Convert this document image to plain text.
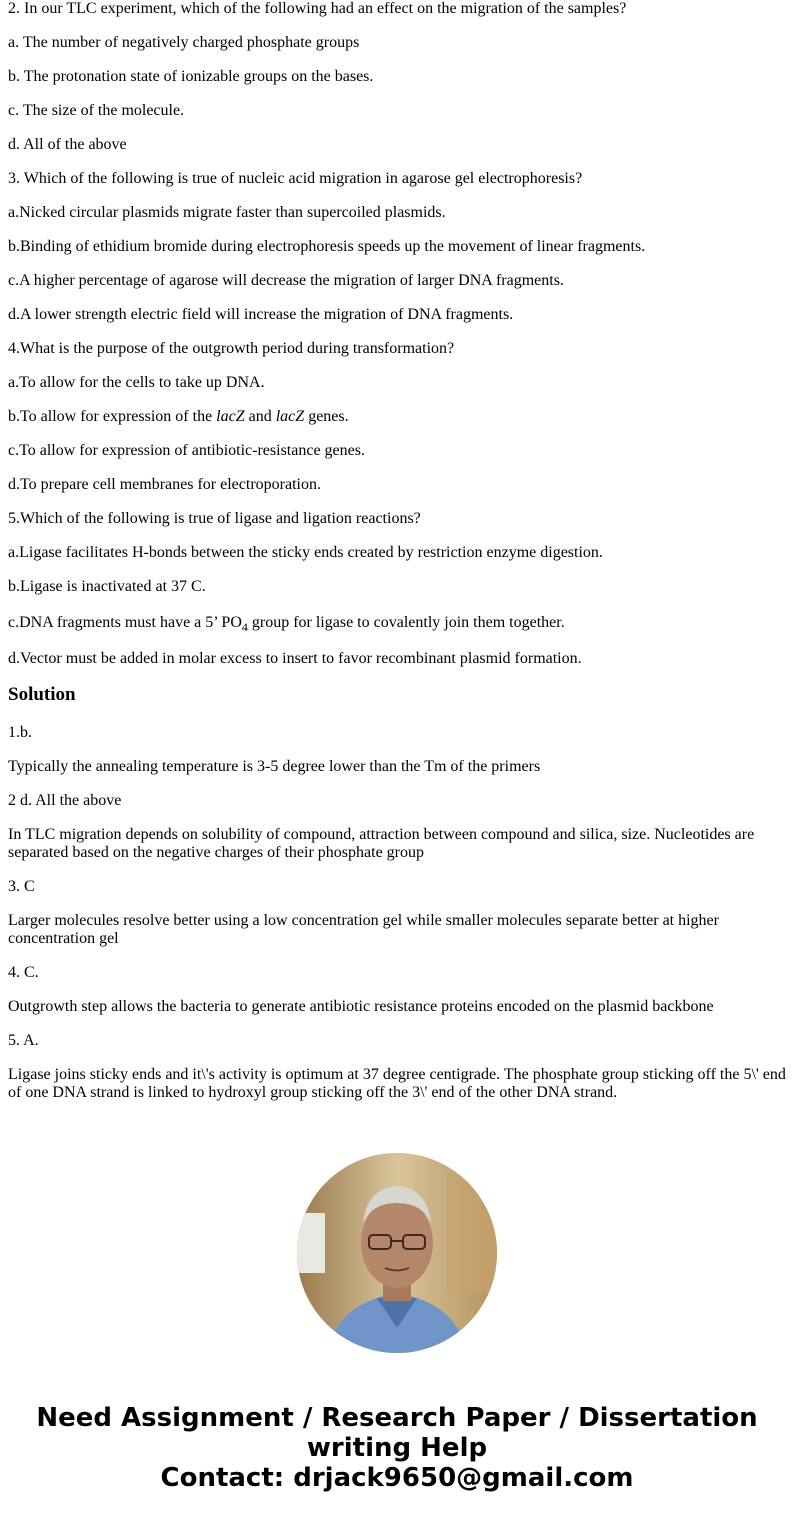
2. In our TLC experiment, which of the following had an effect on the migration of the samples?

a. The number of negatively charged phosphate groups

b. The protonation state of ionizable groups on the bases.

c. The size of the molecule.

d. All of the above

3. Which of the following is true of nucleic acid migration in agarose gel electrophoresis?

a.Nicked circular plasmids migrate faster than supercoiled plasmids.

b.Binding of ethidium bromide during electrophoresis speeds up the movement of linear fragments.

c.A higher percentage of agarose will decrease the migration of larger DNA fragments.

d.A lower strength electric field will increase the migration of DNA fragments.

4.What is the purpose of the outgrowth period during transformation?

a.To allow for the cells to take up DNA.

b.To allow for expression of the lacZ and lacZ genes.

c.To allow for expression of antibiotic-resistance genes.

d.To prepare cell membranes for electroporation.

5.Which of the following is true of ligase and ligation reactions?

a.Ligase facilitates H-bonds between the sticky ends created by restriction enzyme digestion.

b.Ligase is inactivated at 37 C.

c.DNA fragments must have a 5’ $PO_4$ group for ligase to covalently join them together.

d.Vector must be added in molar excess to insert to favor recombinant plasmid formation.

Solution

1.b.

Typically the annealing temperature is 3-5 degree lower than the Tm of the primers

2 d. All the above

In TLC migration depends on solubility of compound, attraction between compound and silica, size. Nucleotides are separated based on the negative charges of their phosphate group

3. C

Larger molecules resolve better using a low concentration gel while smaller molecules separate better at higher concentration gel

4. C.

Outgrowth step allows the bacteria to generate antibiotic resistance proteins encoded on the plasmid backbone

5. A.

Ligase joins sticky ends and it\'s activity is optimum at 37 degree centigrade. The phosphate group sticking off the 5\' end of one DNA strand is linked to hydroxyl group sticking off the 3\' end of the other DNA strand.

Need Assignment / Research Paper / Dissertation
writing Help
Contact: drjack9650@gmail.com
